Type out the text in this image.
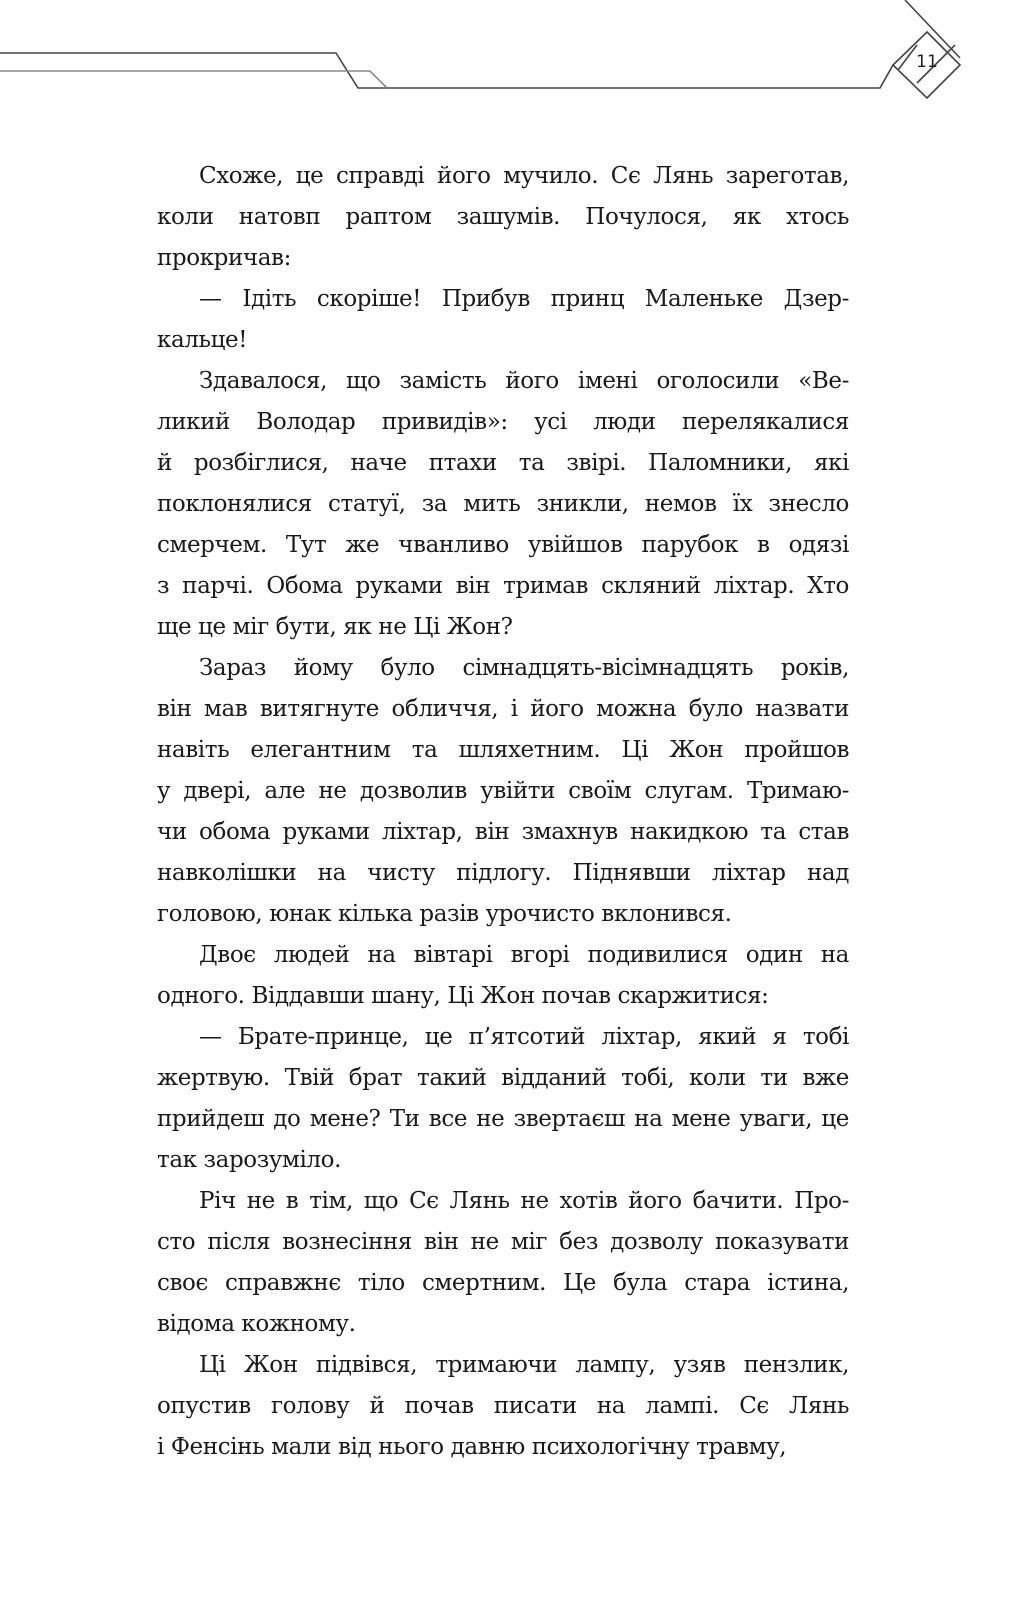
11
Схоже, це справді його мучило. Сє Лянь зареготав,
коли натовп раптом зашумів. Почулося, як хтось
прокричав:
— Ідіть скоріше! Прибув принц Маленьке Дзер-
кальце!
Здавалося, що замість його імені оголосили «Ве-
ликий Володар привидів»: усі люди перелякалися
й розбіглися, наче птахи та звірі. Паломники, які
поклонялися статуї, за мить зникли, немов їх знесло
смерчем. Тут же чванливо увійшов парубок в одязі
з парчі. Обома руками він тримав скляний ліхтар. Хто
ще це міг бути, як не Ці Жон?
Зараз йому було сімнадцять-вісімнадцять років,
він мав витягнуте обличчя, і його можна було назвати
навіть елегантним та шляхетним. Ці Жон пройшов
у двері, але не дозволив увійти своїм слугам. Тримаю-
чи обома руками ліхтар, він змахнув накидкою та став
навколішки на чисту підлогу. Піднявши ліхтар над
головою, юнак кілька разів урочисто вклонився.
Двоє людей на вівтарі вгорі подивилися один на
одного. Віддавши шану, Ці Жон почав скаржитися:
— Брате-принце, це п’ятсотий ліхтар, який я тобі
жертвую. Твій брат такий відданий тобі, коли ти вже
прийдеш до мене? Ти все не звертаєш на мене уваги, це
так зарозуміло.
Річ не в тім, що Сє Лянь не хотів його бачити. Про-
сто після вознесіння він не міг без дозволу показувати
своє справжнє тіло смертним. Це була стара істина,
відома кожному.
Ці Жон підвівся, тримаючи лампу, узяв пензлик,
опустив голову й почав писати на лампі. Сє Лянь
і Фенсінь мали від нього давню психологічну травму,
